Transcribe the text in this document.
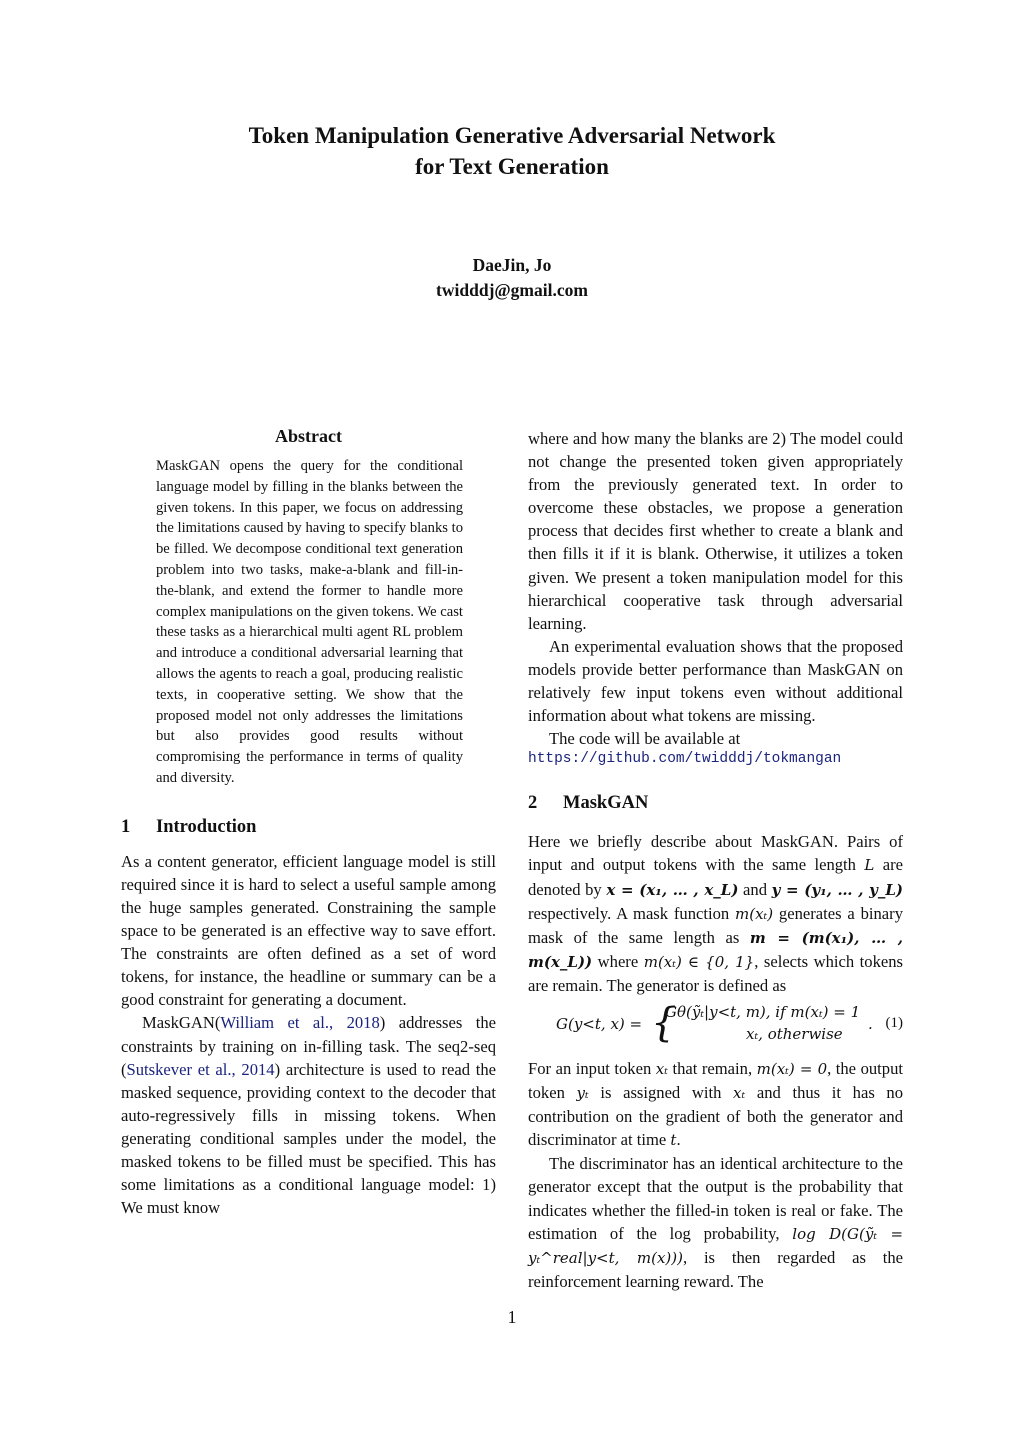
Token Manipulation Generative Adversarial Network
for Text Generation
DaeJin, Jo
twidddj@gmail.com
Abstract

MaskGAN opens the query for the conditional language model by filling in the blanks between the given tokens. In this paper, we focus on addressing the limitations caused by having to specify blanks to be filled. We decompose conditional text generation problem into two tasks, make-a-blank and fill-in-the-blank, and extend the former to handle more complex manipulations on the given tokens. We cast these tasks as a hierarchical multi agent RL problem and introduce a conditional adversarial learning that allows the agents to reach a goal, producing realistic texts, in cooperative setting. We show that the proposed model not only addresses the limitations but also provides good results without compromising the performance in terms of quality and diversity.

1	Introduction

As a content generator, efficient language model is still required since it is hard to select a useful sample among the huge samples generated. Constraining the sample space to be generated is an effective way to save effort. The constraints are often defined as a set of word tokens, for instance, the headline or summary can be a good constraint for generating a document.

MaskGAN(William et al., 2018) addresses the constraints by training on in-filling task. The seq2-seq (Sutskever et al., 2014) architecture is used to read the masked sequence, providing context to the decoder that auto-regressively fills in missing tokens. When generating conditional samples under the model, the masked tokens to be filled must be specified. This has some limitations as a conditional language model: 1) We must know

where and how many the blanks are 2) The model could not change the presented token given appropriately from the previously generated text. In order to overcome these obstacles, we propose a generation process that decides first whether to create a blank and then fills it if it is blank. Otherwise, it utilizes a token given. We present a token manipulation model for this hierarchical cooperative task through adversarial learning.

An experimental evaluation shows that the proposed models provide better performance than MaskGAN on relatively few input tokens even without additional information about what tokens are missing.

The code will be available at

https://github.com/twidddj/tokmangan
2	MaskGAN

Here we briefly describe about MaskGAN. Pairs of input and output tokens with the same length L are denoted by x = (x₁, … , x_L) and y = (y₁, … , y_L) respectively. A mask function m(xₜ) generates a binary mask of the same length as m = (m(x₁), … , m(x_L)) where m(xₜ) ∈ {0, 1}, selects which tokens are remain. The generator is defined as

G(y<t, x) = {
Gθ(ỹₜ|y<t, m), if m(xₜ) = 1
xₜ, otherwise
. (1)

For an input token xₜ that remain, m(xₜ) = 0, the output token yₜ is assigned with xₜ and thus it has no contribution on the gradient of both the generator and discriminator at time t.

The discriminator has an identical architecture to the generator except that the output is the probability that indicates whether the filled-in token is real or fake. The estimation of the log probability, log D(G(ỹₜ = yₜ^real|y<t, m(x))), is then regarded as the reinforcement learning reward. The

1
